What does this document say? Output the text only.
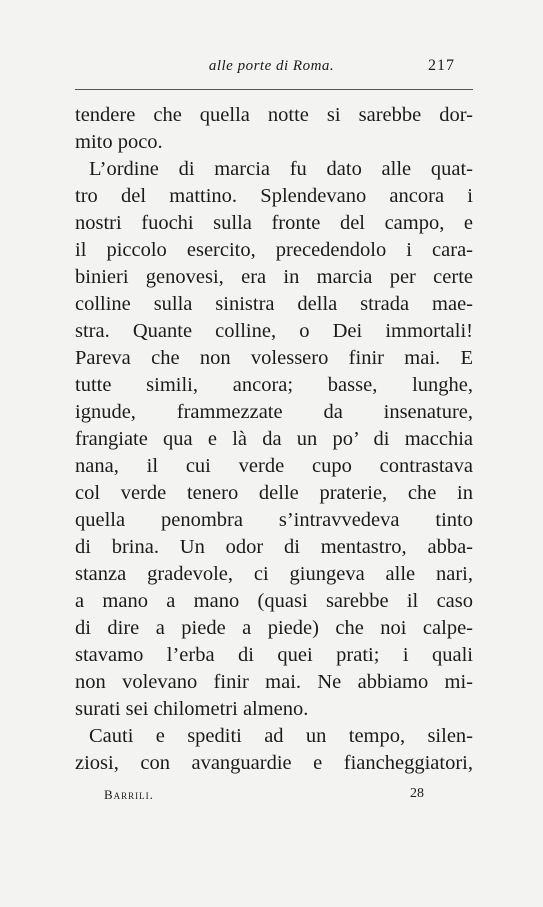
alle porte di Roma.	217
tendere che quella notte si sarebbe dor-
mito poco.
L’ordine di marcia fu dato alle quat-
tro del mattino. Splendevano ancora i
nostri fuochi sulla fronte del campo, e
il piccolo esercito, precedendolo i cara-
binieri genovesi, era in marcia per certe
colline sulla sinistra della strada mae-
stra. Quante colline, o Dei immortali!
Pareva che non volessero finir mai. E
tutte simili, ancora; basse, lunghe,
ignude, frammezzate da insenature,
frangiate qua e là da un po’ di macchia
nana, il cui verde cupo contrastava
col verde tenero delle praterie, che in
quella penombra s’intravvedeva tinto
di brina. Un odor di mentastro, abba-
stanza gradevole, ci giungeva alle nari,
a mano a mano (quasi sarebbe il caso
di dire a piede a piede) che noi calpe-
stavamo l’erba di quei prati; i quali
non volevano finir mai. Ne abbiamo mi-
surati sei chilometri almeno.
Cauti e spediti ad un tempo, silen-
ziosi, con avanguardie e fiancheggiatori,
Barrili.	28
